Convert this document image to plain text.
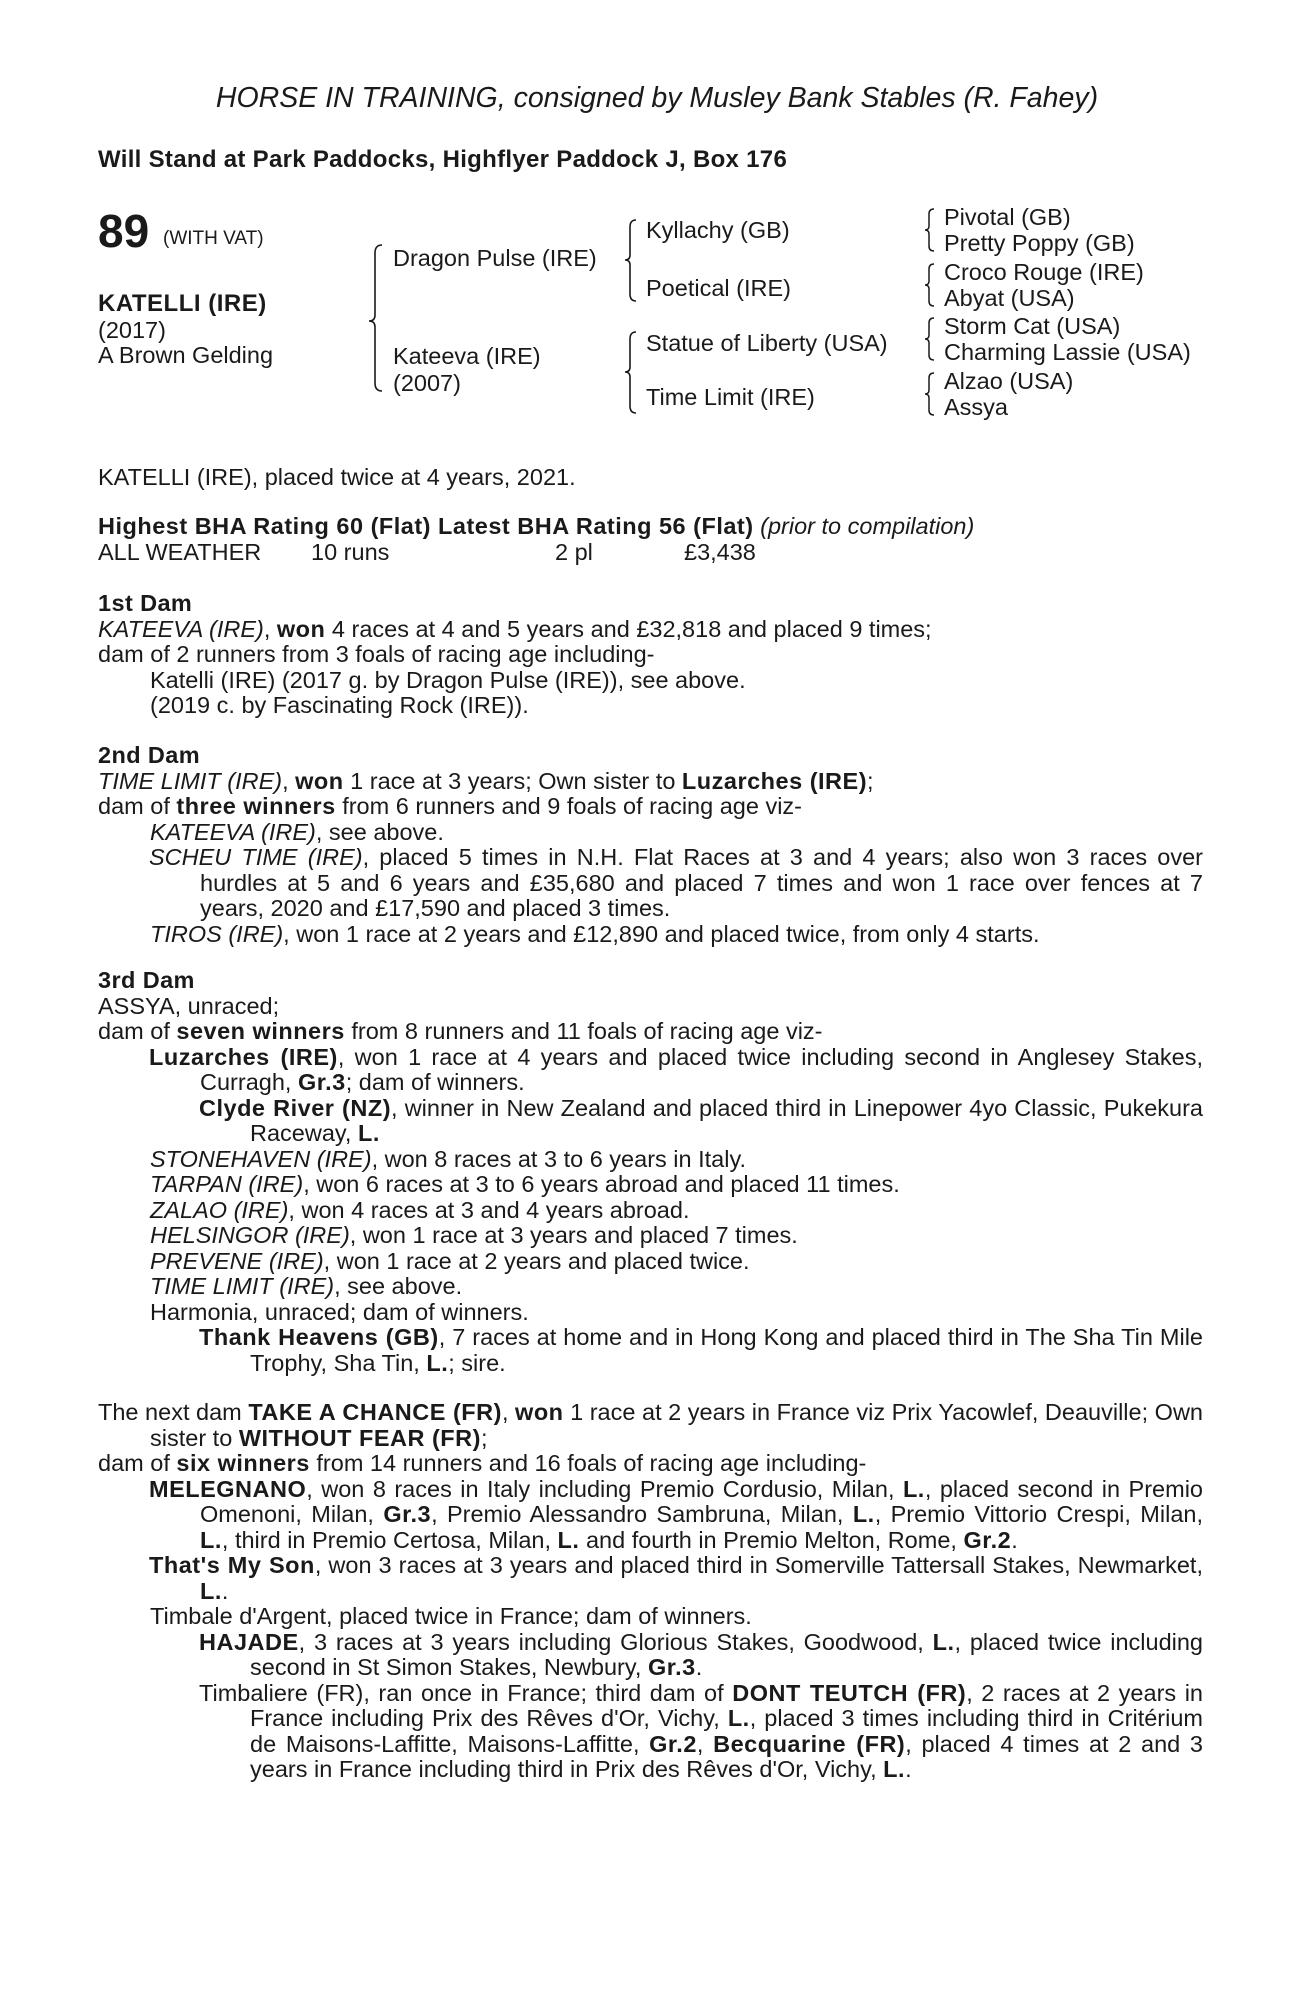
HORSE IN TRAINING, consigned by Musley Bank Stables (R. Fahey)
Will Stand at Park Paddocks, Highflyer Paddock J, Box 176
89 (WITH VAT)
KATELLI (IRE)
(2017)
A Brown Gelding
Dragon Pulse (IRE)
Kateeva (IRE)
(2007)
Kyllachy (GB)
Poetical (IRE)
Statue of Liberty (USA)
Time Limit (IRE)
Pivotal (GB)
Pretty Poppy (GB)
Croco Rouge (IRE)
Abyat (USA)
Storm Cat (USA)
Charming Lassie (USA)
Alzao (USA)
Assya
KATELLI (IRE), placed twice at 4 years, 2021.
Highest BHA Rating 60 (Flat) Latest BHA Rating 56 (Flat) (prior to compilation)
ALL WEATHER 10 runs	2 pl	£3,438
1st Dam
KATEEVA (IRE), won 4 races at 4 and 5 years and £32,818 and placed 9 times;
dam of 2 runners from 3 foals of racing age including-
Katelli (IRE) (2017 g. by Dragon Pulse (IRE)), see above.
(2019 c. by Fascinating Rock (IRE)).
2nd Dam
TIME LIMIT (IRE), won 1 race at 3 years; Own sister to Luzarches (IRE);
dam of three winners from 6 runners and 9 foals of racing age viz-
KATEEVA (IRE), see above.
SCHEU TIME (IRE), placed 5 times in N.H. Flat Races at 3 and 4 years; also won 3 races over hurdles at 5 and 6 years and £35,680 and placed 7 times and won 1 race over fences at 7 years, 2020 and £17,590 and placed 3 times.
TIROS (IRE), won 1 race at 2 years and £12,890 and placed twice, from only 4 starts.
3rd Dam
ASSYA, unraced;
dam of seven winners from 8 runners and 11 foals of racing age viz-
Luzarches (IRE), won 1 race at 4 years and placed twice including second in Anglesey Stakes, Curragh, Gr.3; dam of winners.
Clyde River (NZ), winner in New Zealand and placed third in Linepower 4yo Classic, Pukekura Raceway, L.
STONEHAVEN (IRE), won 8 races at 3 to 6 years in Italy.
TARPAN (IRE), won 6 races at 3 to 6 years abroad and placed 11 times.
ZALAO (IRE), won 4 races at 3 and 4 years abroad.
HELSINGOR (IRE), won 1 race at 3 years and placed 7 times.
PREVENE (IRE), won 1 race at 2 years and placed twice.
TIME LIMIT (IRE), see above.
Harmonia, unraced; dam of winners.
Thank Heavens (GB), 7 races at home and in Hong Kong and placed third in The Sha Tin Mile Trophy, Sha Tin, L.; sire.
The next dam TAKE A CHANCE (FR), won 1 race at 2 years in France viz Prix Yacowlef, Deauville; Own sister to WITHOUT FEAR (FR);
dam of six winners from 14 runners and 16 foals of racing age including-
MELEGNANO, won 8 races in Italy including Premio Cordusio, Milan, L., placed second in Premio Omenoni, Milan, Gr.3, Premio Alessandro Sambruna, Milan, L., Premio Vittorio Crespi, Milan, L., third in Premio Certosa, Milan, L. and fourth in Premio Melton, Rome, Gr.2.
That's My Son, won 3 races at 3 years and placed third in Somerville Tattersall Stakes, Newmarket, L..
Timbale d'Argent, placed twice in France; dam of winners.
HAJADE, 3 races at 3 years including Glorious Stakes, Goodwood, L., placed twice including second in St Simon Stakes, Newbury, Gr.3.
Timbaliere (FR), ran once in France; third dam of DONT TEUTCH (FR), 2 races at 2 years in France including Prix des Rêves d'Or, Vichy, L., placed 3 times including third in Critérium de Maisons-Laffitte, Maisons-Laffitte, Gr.2, Becquarine (FR), placed 4 times at 2 and 3 years in France including third in Prix des Rêves d'Or, Vichy, L..
